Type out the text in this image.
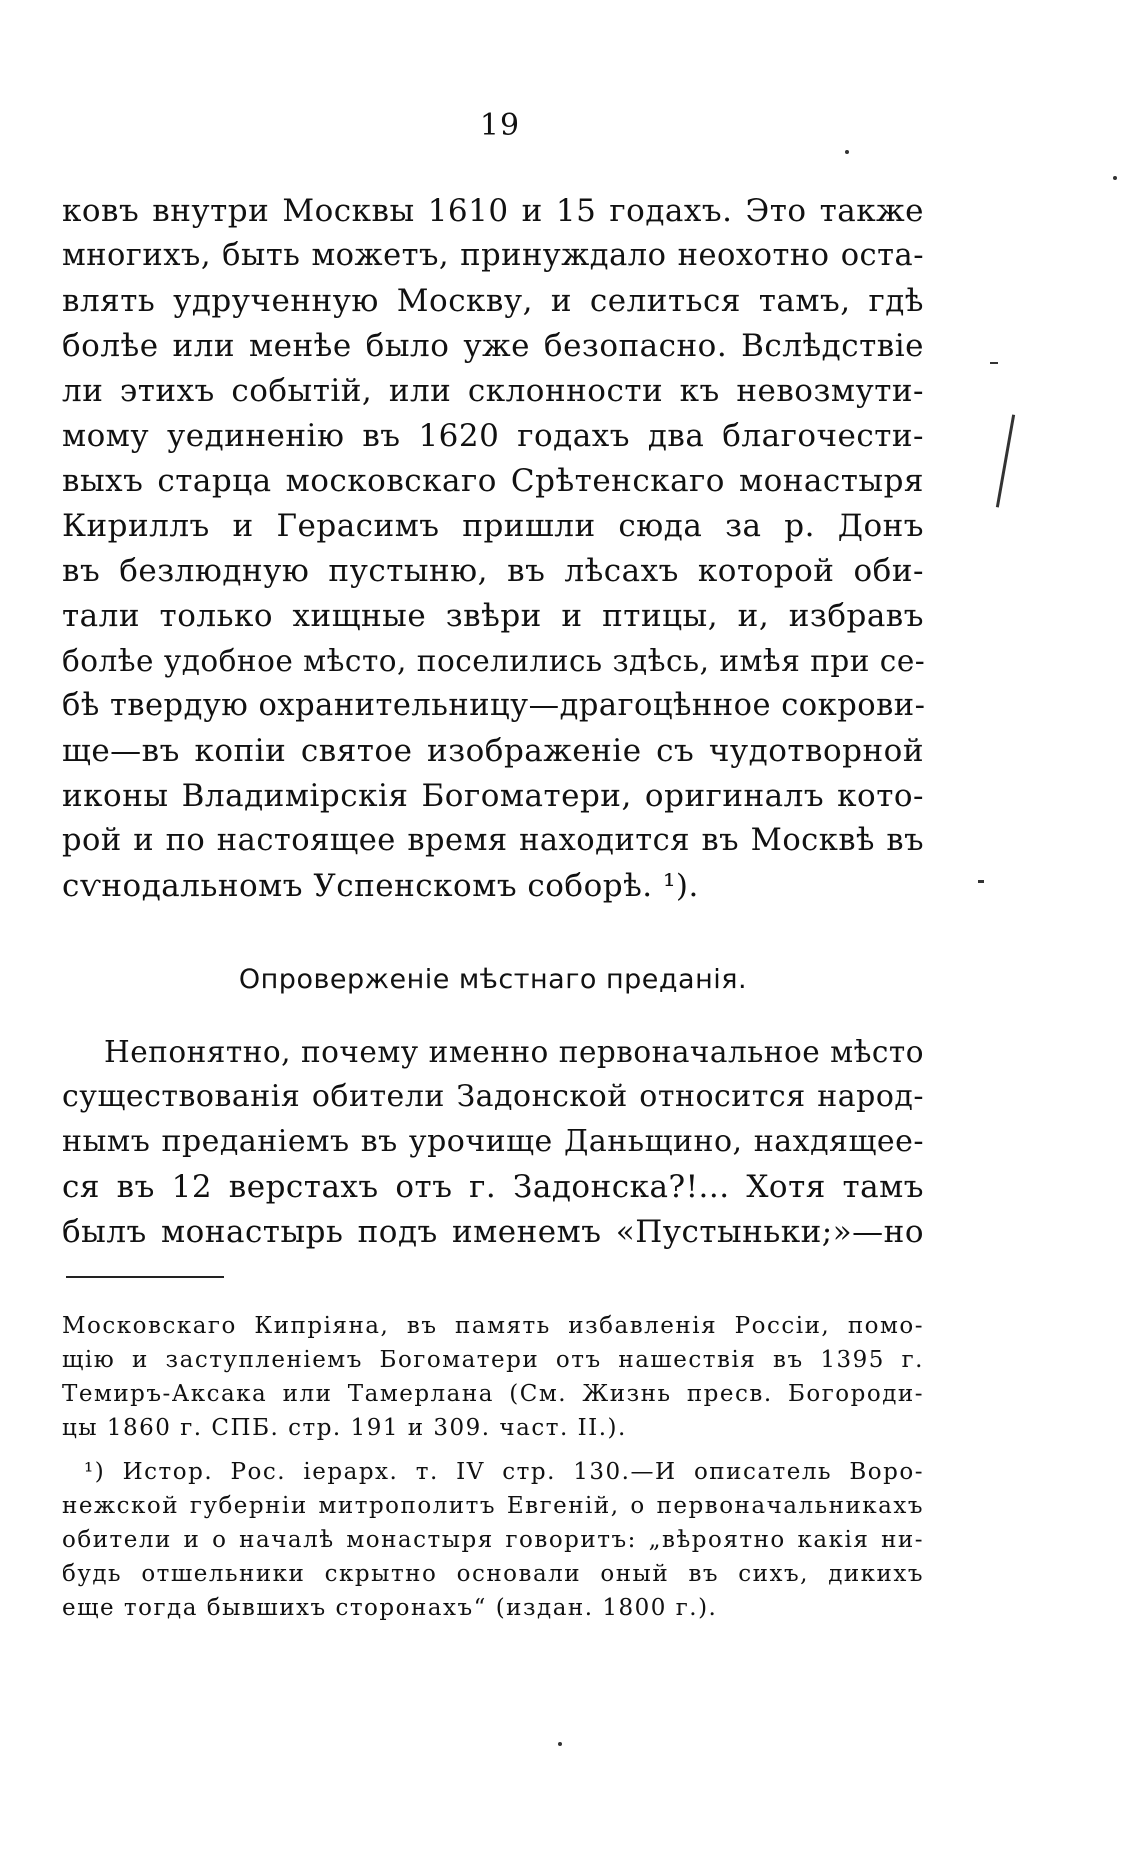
19
ковъ внутри Москвы 1610 и 15 годахъ. Это также
многихъ, быть можетъ, принуждало неохотно оста-
влять удрученную Москву, и селиться тамъ, гдѣ
болѣе или менѣе было уже безопасно. Вслѣдствіе
ли этихъ событій, или склонности къ невозмути-
мому уединенію въ 1620 годахъ два благочести-
выхъ старца московскаго Срѣтенскаго монастыря
Кириллъ и Герасимъ пришли сюда за р. Донъ
въ безлюдную пустыню, въ лѣсахъ которой оби-
тали только хищные звѣри и птицы, и, избравъ
болѣе удобное мѣсто, поселились здѣсь, имѣя при се-
бѣ твердую охранительницу—драгоцѣнное сокрови-
ще—въ копіи святое изображеніе съ чудотворной
иконы Владимірскія Богоматери, оригиналъ кото-
рой и по настоящее время находится въ Москвѣ въ
сѵнодальномъ Успенскомъ соборѣ. ¹).
Опроверженіе мѣстнаго преданія.
Непонятно, почему именно первоначальное мѣсто
существованія обители Задонской относится народ-
нымъ преданіемъ въ урочище Даньщино, нахдящее-
ся въ 12 верстахъ отъ г. Задонска?!... Хотя тамъ
былъ монастырь подъ именемъ «Пустыньки;»—но
Московскаго Кипріяна, въ память избавленія Россіи, помо-
щію и заступленіемъ Богоматери отъ нашествія въ 1395 г.
Темиръ-Аксака или Тамерлана (См. Жизнь пресв. Богороди-
цы 1860 г. СПБ. стр. 191 и 309. част. II.).
¹) Истор. Рос. іерарх. т. IV стр. 130.—И описатель Воро-
нежской губерніи митрополитъ Евгеній, о первоначальникахъ
обители и о началѣ монастыря говоритъ: „вѣроятно какія ни-
будь отшельники скрытно основали оный въ сихъ, дикихъ
еще тогда бывшихъ сторонахъ“ (издан. 1800 г.).
